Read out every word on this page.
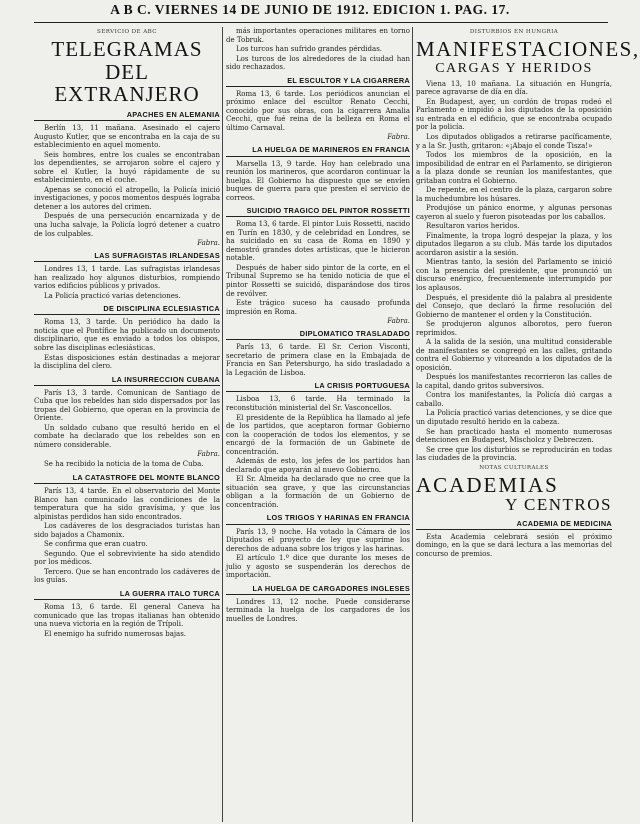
A B C. VIERNES 14 DE JUNIO DE 1912. EDICION 1. PAG. 17.
SERVICIO DE ABC
TELEGRAMAS
DEL EXTRANJERO
APACHES EN ALEMANIA
Berlín 13, 11 mañana. Asesinado el cajero Augusto Kutler, que se encontraba en la caja de su establecimiento en aquel momento.
Seis hombres, entre los cuales se encontraban los dependientes, se arrojaron sobre el cajero y sobre el Kutler, la huyó rápidamente de su establecimiento, en el coche.
Apenas se conoció el atropello, la Policía inició investigaciones, y pocos momentos después lograba detener a los autores del crimen.
Después de una persecución encarnizada y de una lucha salvaje, la Policía logró detener a cuatro de los culpables.
Fabra.
LAS SUFRAGISTAS IRLANDESAS
Londres 13, 1 tarde. Las sufragistas irlandesas han realizado hoy algunos disturbios, rompiendo varios edificios públicos y privados.
La Policía practicó varias detenciones.
DE DISCIPLINA ECLESIASTICA
Roma 13, 3 tarde. Un periódico ha dado la noticia que el Pontífice ha publicado un documento disciplinario, que es enviado a todos los obispos, sobre las disciplinas eclesiásticas.
Estas disposiciones están destinadas a mejorar la disciplina del clero.
LA INSURRECCION CUBANA
París 13, 3 tarde. Comunican de Santiago de Cuba que los rebeldes han sido dispersados por las tropas del Gobierno, que operan en la provincia de Oriente.
Un soldado cubano que resultó herido en el combate ha declarado que los rebeldes son en número considerable.
Fabra.
Se ha recibido la noticia de la toma de Cuba.
LA CATASTROFE DEL MONTE BLANCO
París 13, 4 tarde. En el observatorio del Monte Blanco han comunicado las condiciones de la temperatura que ha sido gravísima, y que los alpinistas perdidos han sido encontrados.
Los cadáveres de los desgraciados turistas han sido bajados a Chamonix.
Se confirma que eran cuatro.
Segundo. Que el sobreviviente ha sido atendido por los médicos.
Tercero. Que se han encontrado los cadáveres de los guías.
LA GUERRA ITALO TURCA
Roma 13, 6 tarde. El general Caneva ha comunicado que las tropas italianas han obtenido una nueva victoria en la región de Trípoli.
El enemigo ha sufrido numerosas bajas.
más importantes operaciones militares en torno de Tobruk.
Los turcos han sufrido grandes pérdidas.
Los turcos de los alrededores de la ciudad han sido rechazados.
EL ESCULTOR Y LA CIGARRERA
Roma 13, 6 tarde. Los periódicos anuncian el próximo enlace del escultor Renato Cecchi, conocido por sus obras, con la cigarrera Amalia Cecchi, que fué reina de la belleza en Roma el último Carnaval.
Fabra.
LA HUELGA DE MARINEROS EN FRANCIA
Marsella 13, 9 tarde. Hoy han celebrado una reunión los marineros, que acordaron continuar la huelga. El Gobierno ha dispuesto que se envíen buques de guerra para que presten el servicio de correos.
SUICIDIO TRAGICO DEL PINTOR ROSSETTI
Roma 13, 6 tarde. El pintor Luis Rossetti, nacido en Turín en 1830, y de celebridad en Londres, se ha suicidado en su casa de Roma en 1890 y demostró grandes dotes artísticas, que le hicieron notable.
Después de haber sido pintor de la corte, en el Tribunal Supremo se ha tenido noticia de que el pintor Rossetti se suicidó, disparándose dos tiros de revólver.
Este trágico suceso ha causado profunda impresión en Roma.
Fabra.
DIPLOMATICO TRASLADADO
París 13, 6 tarde. El Sr. Cerion Visconti, secretario de primera clase en la Embajada de Francia en San Petersburgo, ha sido trasladado a la Legación de Lisboa.
LA CRISIS PORTUGUESA
Lisboa 13, 6 tarde. Ha terminado la reconstitución ministerial del Sr. Vasconcellos.
El presidente de la República ha llamado al jefe de los partidos, que aceptaron formar Gobierno con la cooperación de todos los elementos, y se encargó de la formación de un Gabinete de concentración.
Además de esto, los jefes de los partidos han declarado que apoyarán al nuevo Gobierno.
El Sr. Almeida ha declarado que no cree que la situación sea grave, y que las circunstancias obligan a la formación de un Gobierno de concentración.
LOS TRIGOS Y HARINAS EN FRANCIA
París 13, 9 noche. Ha votado la Cámara de los Diputados el proyecto de ley que suprime los derechos de aduana sobre los trigos y las harinas.
El artículo 1.º dice que durante los meses de julio y agosto se suspenderán los derechos de importación.
LA HUELGA DE CARGADORES INGLESES
Londres 13, 12 noche. Puede considerarse terminada la huelga de los cargadores de los muelles de Londres.
DISTURBIOS EN HUNGRIA
MANIFESTACIONES,
CARGAS Y HERIDOS
Viena 13, 10 mañana. La situación en Hungría, parece agravarse de día en día.
En Budapest, ayer, un cordón de tropas rodeó el Parlamento e impidió a los diputados de la oposición su entrada en el edificio, que se encontraba ocupado por la policía.
Los diputados obligados a retirarse pacíficamente, y a la Sr. Justh, gritaron: «¡Abajo el conde Tisza!»
Todos los miembros de la oposición, en la imposibilidad de entrar en el Parlamento, se dirigieron a la plaza donde se reunían los manifestantes, que gritaban contra el Gobierno.
De repente, en el centro de la plaza, cargaron sobre la muchedumbre los húsares.
Produjóse un pánico enorme, y algunas personas cayeron al suelo y fueron pisoteadas por los caballos.
Resultaron varios heridos.
Finalmente, la tropa logró despejar la plaza, y los diputados llegaron a su club. Más tarde los diputados acordaron asistir a la sesión.
Mientras tanto, la sesión del Parlamento se inició con la presencia del presidente, que pronunció un discurso enérgico, frecuentemente interrumpido por los aplausos.
Después, el presidente dió la palabra al presidente del Consejo, que declaró la firme resolución del Gobierno de mantener el orden y la Constitución.
Se produjeron algunos alborotos, pero fueron reprimidos.
A la salida de la sesión, una multitud considerable de manifestantes se congregó en las calles, gritando contra el Gobierno y vitoreando a los diputados de la oposición.
Después los manifestantes recorrieron las calles de la capital, dando gritos subversivos.
Contra los manifestantes, la Policía dió cargas a caballo.
La Policía practicó varias detenciones, y se dice que un diputado resultó herido en la cabeza.
Se han practicado hasta el momento numerosas detenciones en Budapest, Mischolcz y Debreczen.
Se cree que los disturbios se reproducirán en todas las ciudades de la provincia.
NOTAS CULTURALES
ACADEMIAS
Y CENTROS
ACADEMIA DE MEDICINA
Esta Academia celebrará sesión el próximo domingo, en la que se dará lectura a las memorias del concurso de premios.
